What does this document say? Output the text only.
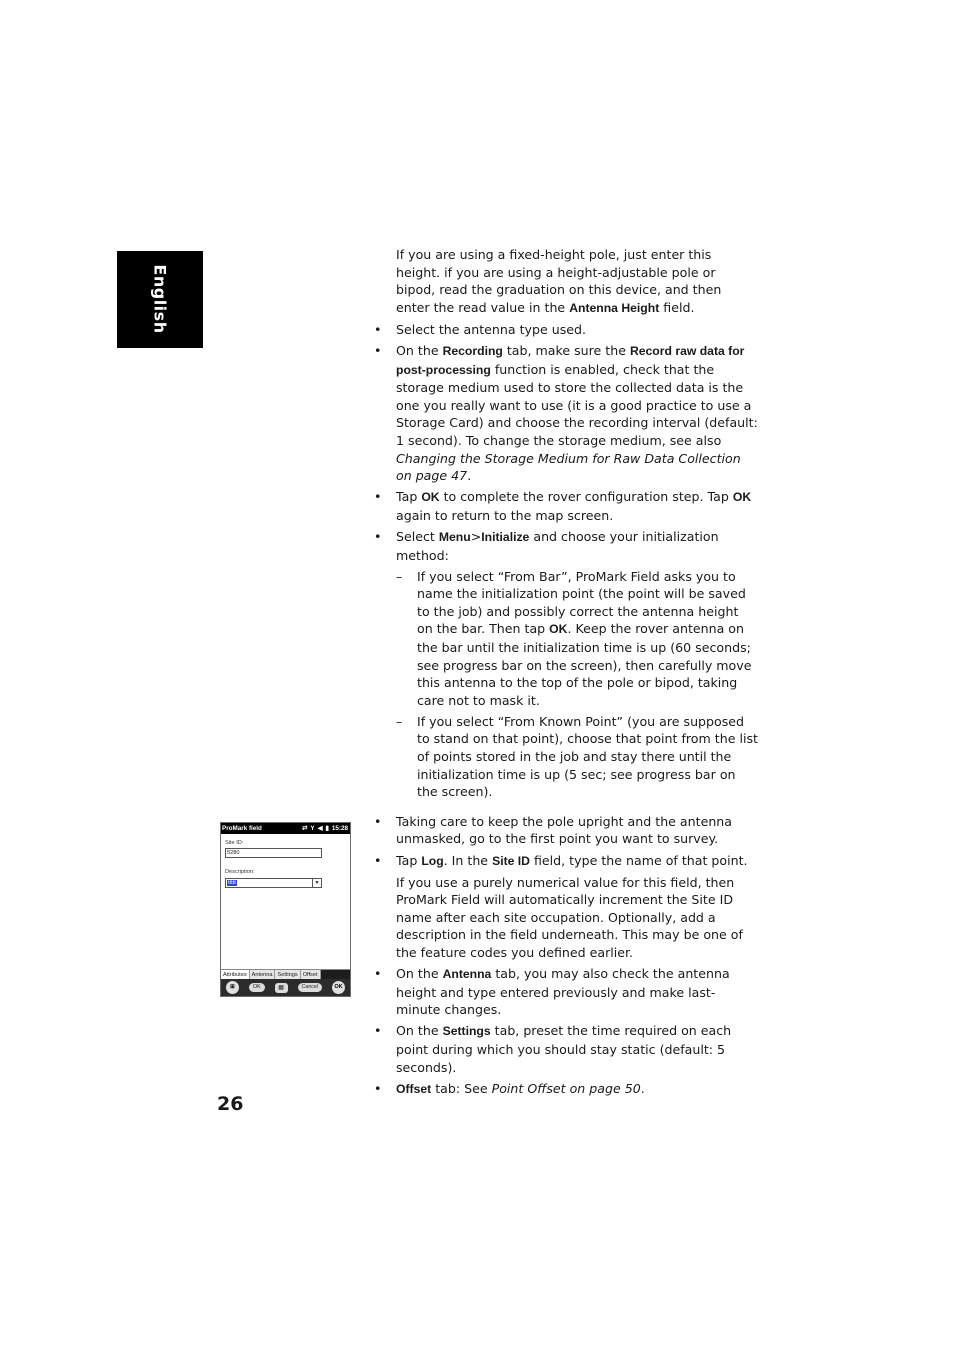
English

If you are using a fixed-height pole, just enter this height. if you are using a height-adjustable pole or bipod, read the graduation on this device, and then enter the read value in the Antenna Height field.

• Select the antenna type used.
• On the Recording tab, make sure the Record raw data for post-processing function is enabled, check that the storage medium used to store the collected data is the one you really want to use (it is a good practice to use a Storage Card) and choose the recording interval (default: 1 second). To change the storage medium, see also Changing the Storage Medium for Raw Data Collection on page 47.
• Tap OK to complete the rover configuration step. Tap OK again to return to the map screen.
• Select Menu>Initialize and choose your initialization method:
– If you select “From Bar”, ProMark Field asks you to name the initialization point (the point will be saved to the job) and possibly correct the antenna height on the bar. Then tap OK. Keep the rover antenna on the bar until the initialization time is up (60 seconds; see progress bar on the screen), then carefully move this antenna to the top of the pole or bipod, taking care not to mask it.
– If you select “From Known Point” (you are supposed to stand on that point), choose that point from the list of points stored in the job and stay there until the initialization time is up (5 sec; see progress bar on the screen).
• Taking care to keep the pole upright and the antenna unmasked, go to the first point you want to survey.
• Tap Log. In the Site ID field, type the name of that point.

If you use a purely numerical value for this field, then ProMark Field will automatically increment the Site ID name after each site occupation. Optionally, add a description in the field underneath. This may be one of the feature codes you defined earlier.

• On the Antenna tab, you may also check the antenna height and type entered previously and make last-minute changes.
• On the Settings tab, preset the time required on each point during which you should stay static (default: 5 seconds).
• Offset tab: See Point Offset on page 50.
ProMark field	⇄ Y ◀ ▮ 15:28
Site ID:
5280
Description:
ttttt	▼
Attributes Antenna Settings Offset
⊞	OK	▦	Cancel	OK
26
